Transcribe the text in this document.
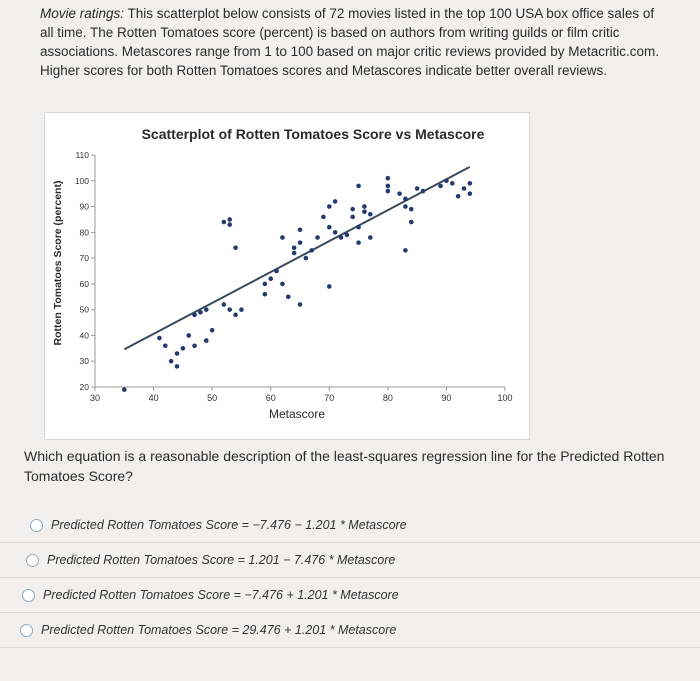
Movie ratings: This scatterplot below consists of 72 movies listed in the top 100 USA box office sales of all time. The Rotten Tomatoes score (percent) is based on authors from writing guilds or film critic associations. Metascores range from 1 to 100 based on major critic reviews provided by Metacritic.com. Higher scores for both Rotten Tomatoes scores and Metascores indicate better overall reviews.
Scatterplot of Rotten Tomatoes Score vs Metascore
Metascore
Rotten Tomatoes Score (percent)
30	40	50	60	70	80	90	100
20
30
40
50
60
70
80
90
100
110
Which equation is a reasonable description of the least-squares regression line for the Predicted Rotten Tomatoes Score?
Predicted Rotten Tomatoes Score = −7.476 − 1.201 * Metascore
Predicted Rotten Tomatoes Score = 1.201 − 7.476 * Metascore
Predicted Rotten Tomatoes Score = −7.476 + 1.201 * Metascore
Predicted Rotten Tomatoes Score = 29.476 + 1.201 * Metascore
